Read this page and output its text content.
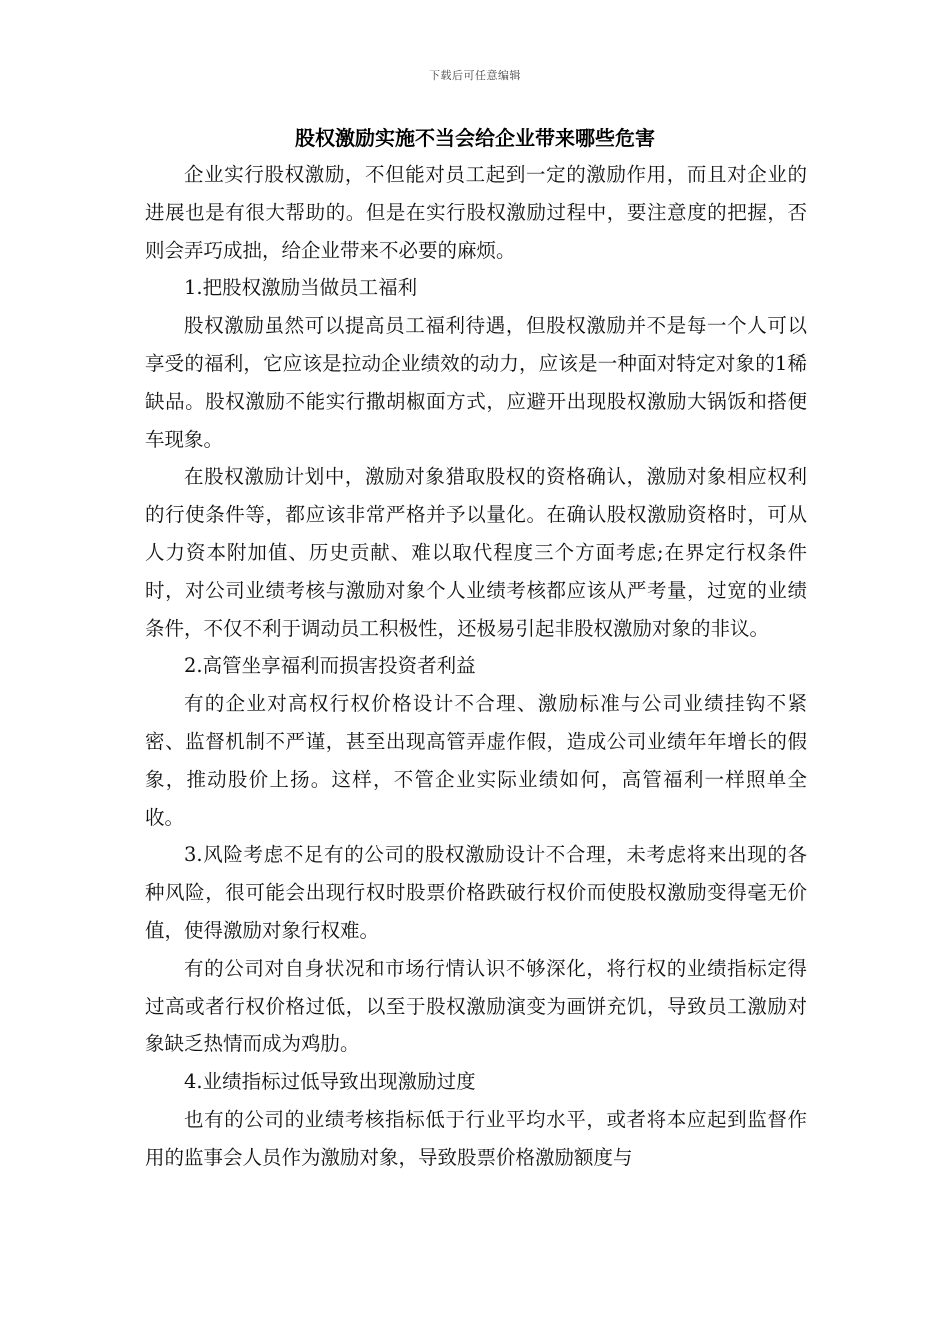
下载后可任意编辑
股权激励实施不当会给企业带来哪些危害

企业实行股权激励，不但能对员工起到一定的激励作用，而且对企业的进展也是有很大帮助的。但是在实行股权激励过程中，要注意度的把握，否则会弄巧成拙，给企业带来不必要的麻烦。

1.把股权激励当做员工福利

股权激励虽然可以提高员工福利待遇，但股权激励并不是每一个人可以享受的福利，它应该是拉动企业绩效的动力，应该是一种面对特定对象的1稀缺品。股权激励不能实行撒胡椒面方式，应避开出现股权激励大锅饭和搭便车现象。

在股权激励计划中，激励对象猎取股权的资格确认，激励对象相应权利的行使条件等，都应该非常严格并予以量化。在确认股权激励资格时，可从人力资本附加值、历史贡献、难以取代程度三个方面考虑;在界定行权条件时，对公司业绩考核与激励对象个人业绩考核都应该从严考量，过宽的业绩条件，不仅不利于调动员工积极性，还极易引起非股权激励对象的非议。

2.高管坐享福利而损害投资者利益

有的企业对高权行权价格设计不合理、激励标准与公司业绩挂钩不紧密、监督机制不严谨，甚至出现高管弄虚作假，造成公司业绩年年增长的假象，推动股价上扬。这样，不管企业实际业绩如何，高管福利一样照单全收。

3.风险考虑不足有的公司的股权激励设计不合理，未考虑将来出现的各种风险，很可能会出现行权时股票价格跌破行权价而使股权激励变得毫无价值，使得激励对象行权难。

有的公司对自身状况和市场行情认识不够深化，将行权的业绩指标定得过高或者行权价格过低，以至于股权激励演变为画饼充饥，导致员工激励对象缺乏热情而成为鸡肋。

4.业绩指标过低导致出现激励过度

也有的公司的业绩考核指标低于行业平均水平，或者将本应起到监督作用的监事会人员作为激励对象，导致股票价格激励额度与
